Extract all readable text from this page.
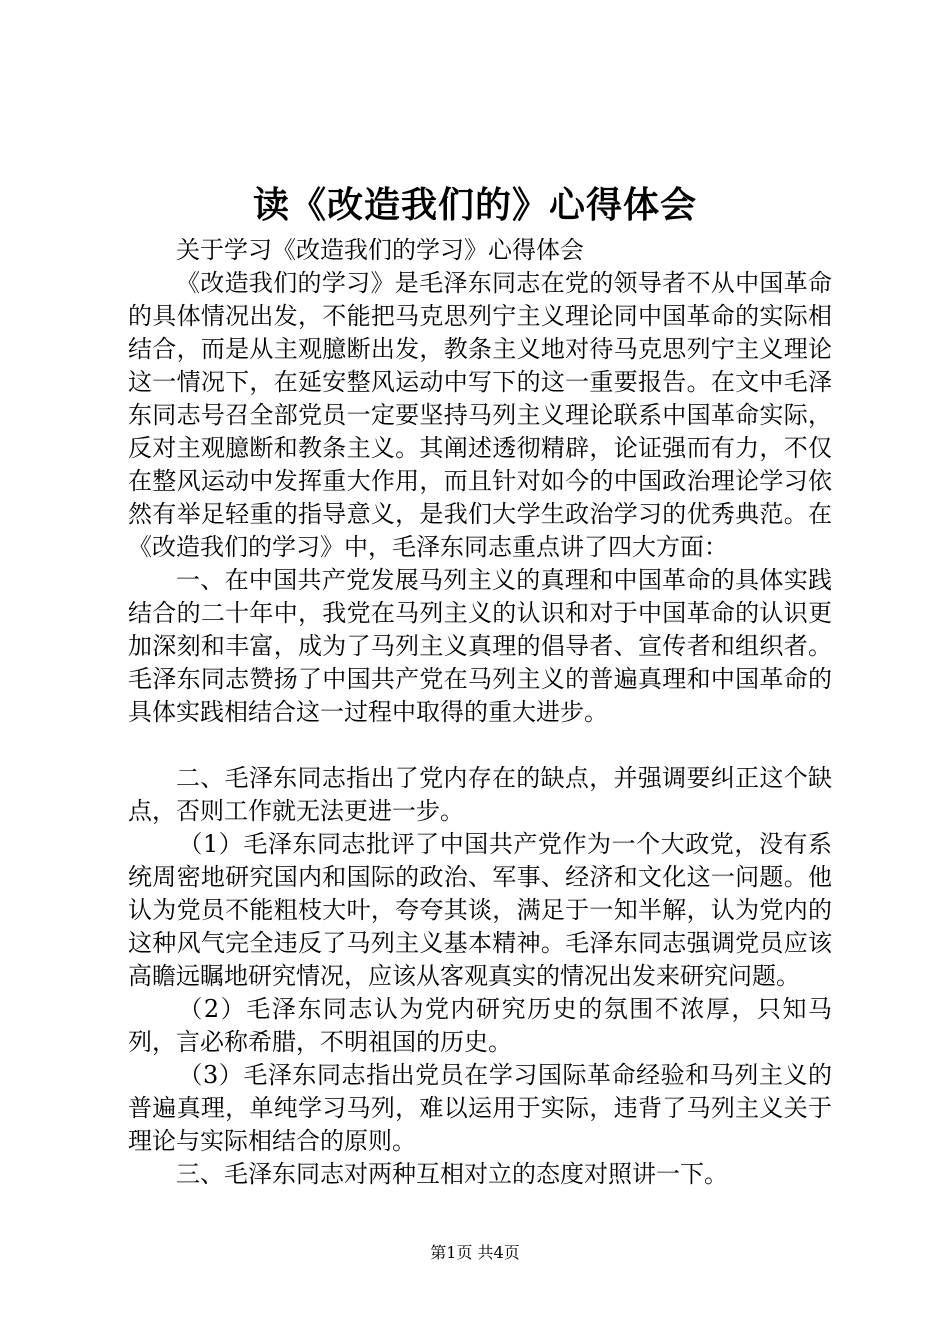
读《改造我们的》心得体会

关于学习《改造我们的学习》心得体会

《改造我们的学习》是毛泽东同志在党的领导者不从中国革命的具体情况出发，不能把马克思列宁主义理论同中国革命的实际相结合，而是从主观臆断出发，教条主义地对待马克思列宁主义理论这一情况下，在延安整风运动中写下的这一重要报告。在文中毛泽东同志号召全部党员一定要坚持马列主义理论联系中国革命实际，反对主观臆断和教条主义。其阐述透彻精辟，论证强而有力，不仅在整风运动中发挥重大作用，而且针对如今的中国政治理论学习依然有举足轻重的指导意义，是我们大学生政治学习的优秀典范。在《改造我们的学习》中，毛泽东同志重点讲了四大方面：

一、在中国共产党发展马列主义的真理和中国革命的具体实践结合的二十年中，我党在马列主义的认识和对于中国革命的认识更加深刻和丰富，成为了马列主义真理的倡导者、宣传者和组织者。毛泽东同志赞扬了中国共产党在马列主义的普遍真理和中国革命的具体实践相结合这一过程中取得的重大进步。

二、毛泽东同志指出了党内存在的缺点，并强调要纠正这个缺点，否则工作就无法更进一步。

（1）毛泽东同志批评了中国共产党作为一个大政党，没有系统周密地研究国内和国际的政治、军事、经济和文化这一问题。他认为党员不能粗枝大叶，夸夸其谈，满足于一知半解，认为党内的这种风气完全违反了马列主义基本精神。毛泽东同志强调党员应该高瞻远瞩地研究情况，应该从客观真实的情况出发来研究问题。

（2）毛泽东同志认为党内研究历史的氛围不浓厚，只知马列，言必称希腊，不明祖国的历史。

（3）毛泽东同志指出党员在学习国际革命经验和马列主义的普遍真理，单纯学习马列，难以运用于实际，违背了马列主义关于理论与实际相结合的原则。

三、毛泽东同志对两种互相对立的态度对照讲一下。

第1页 共4页
